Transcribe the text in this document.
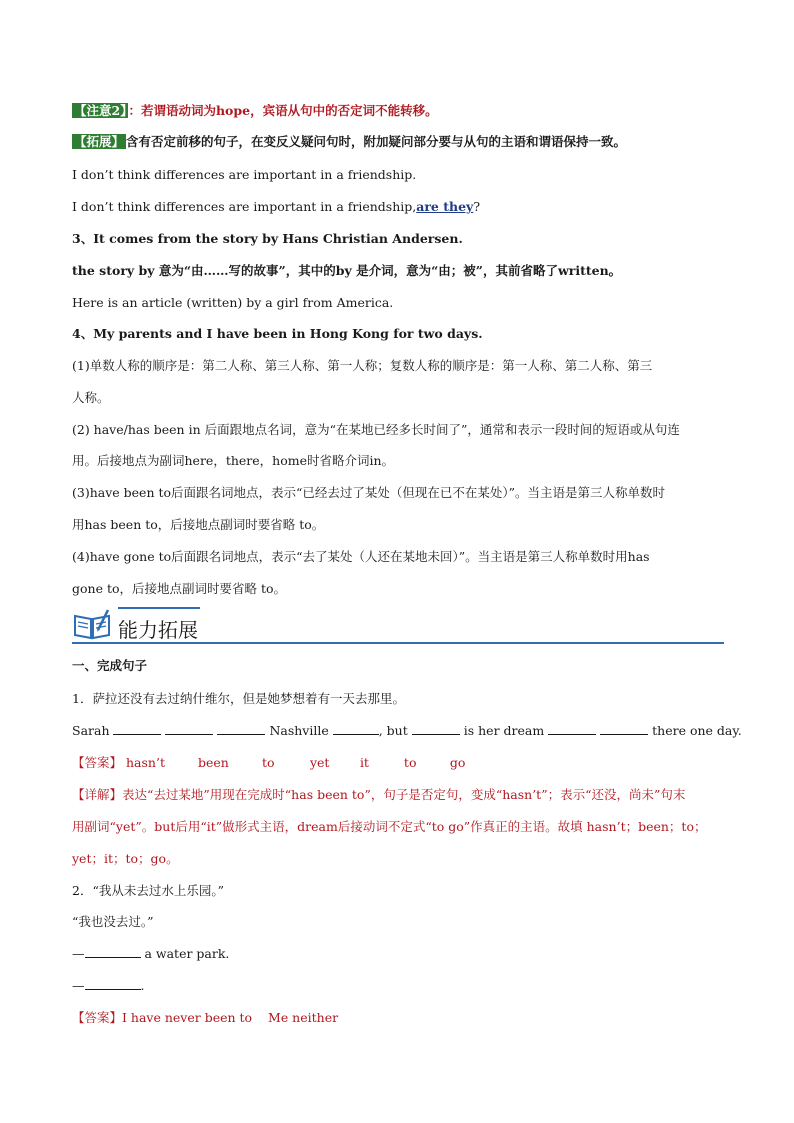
【注意2】 ：若谓语动词为hope，宾语从句中的否定词不能转移。
【拓展】 含有否定前移的句子，在变反义疑问句时，附加疑问部分要与从句的主语和谓语保持一致。
I don’t think differences are important in a friendship.
I don’t think differences are important in a friendship,are they?
3、It comes from the story by Hans Christian Andersen.
the story by 意为“由……写的故事”，其中的by 是介词，意为“由；被”，其前省略了written。
Here is an article (written) by a girl from America.
4、My parents and I have been in Hong Kong for two days.
(1)单数人称的顺序是：第二人称、第三人称、第一人称；复数人称的顺序是：第一人称、第二人称、第三
人称。
(2) have/has been in 后面跟地点名词，意为“在某地已经多长时间了”，通常和表示一段时间的短语或从句连
用。后接地点为副词here，there，home时省略介词in。
(3)have been to后面跟名词地点，表示“已经去过了某处（但现在已不在某处）”。当主语是第三人称单数时
用has been to，后接地点副词时要省略 to。
(4)have gone to后面跟名词地点，表示“去了某处（人还在某地未回）”。当主语是第三人称单数时用has
gone to，后接地点副词时要省略 to。
能力拓展
一、完成句子
1．萨拉还没有去过纳什维尔，但是她梦想着有一天去那里。
Sarah	Nashville	, but	is her dream	there one day.
【答案】 hasn’t	been	to	yet it	to	go
【详解】表达“去过某地”用现在完成时“has been to”，句子是否定句，变成“hasn’t”；表示“还没，尚未”句末
用副词“yet”。but后用“it”做形式主语，dream后接动词不定式“to go”作真正的主语。故填 hasn’t；been；to；
yet；it；to；go。
2．“我从未去过水上乐园。”
“我也没去过。”
—	a water park.
—	.
【答案】I have never been to Me neither
